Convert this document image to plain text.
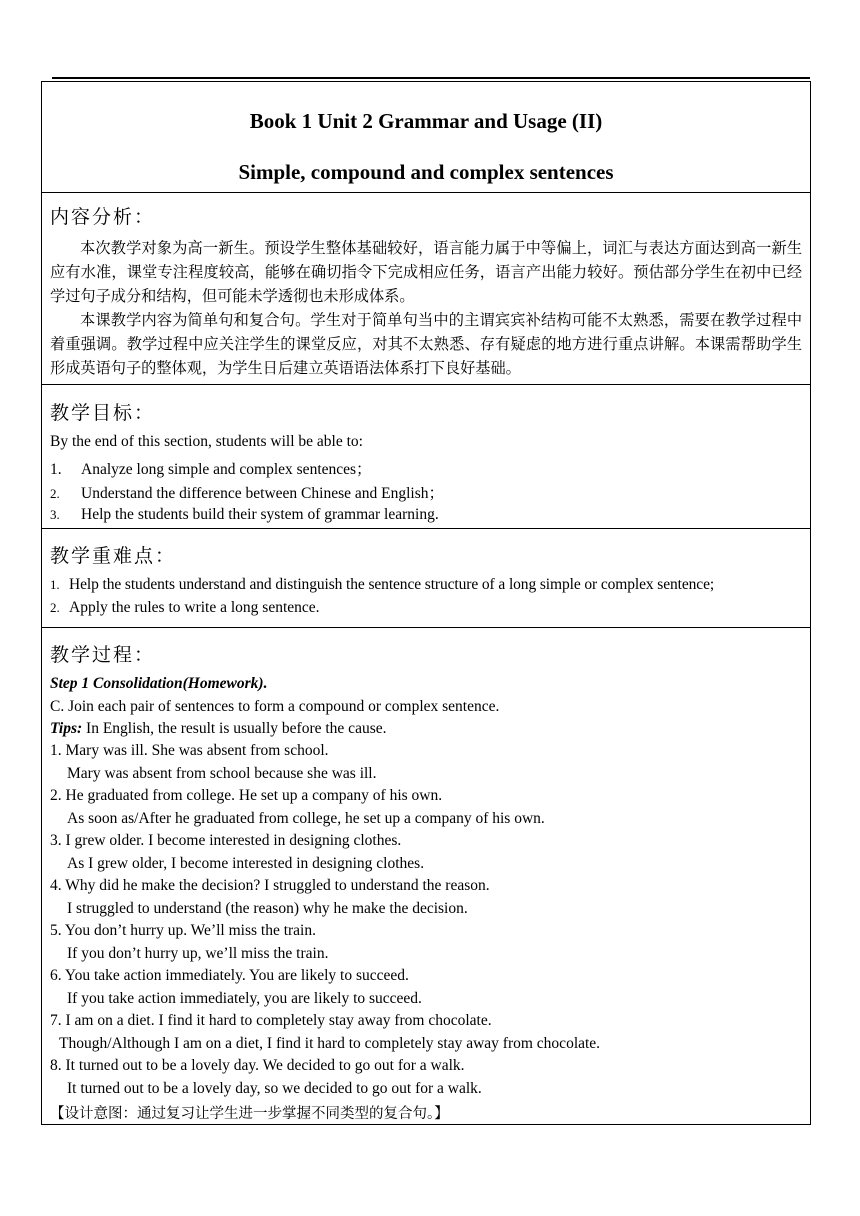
Book 1 Unit 2 Grammar and Usage (II)
Simple, compound and complex sentences
内容分析：

本次教学对象为高一新生。预设学生整体基础较好，语言能力属于中等偏上，词汇与表达方面达到高一新生应有水准，课堂专注程度较高，能够在确切指令下完成相应任务，语言产出能力较好。预估部分学生在初中已经学过句子成分和结构，但可能未学透彻也未形成体系。

本课教学内容为简单句和复合句。学生对于简单句当中的主谓宾宾补结构可能不太熟悉，需要在教学过程中着重强调。教学过程中应关注学生的课堂反应，对其不太熟悉、存有疑虑的地方进行重点讲解。本课需帮助学生形成英语句子的整体观，为学生日后建立英语语法体系打下良好基础。

教学目标：
By the end of this section, students will be able to:
1. Analyze long simple and complex sentences；
2. Understand the difference between Chinese and English；
3. Help the students build their system of grammar learning.
教学重难点：
1. Help the students understand and distinguish the sentence structure of a long simple or complex sentence;
2. Apply the rules to write a long sentence.
教学过程：
Step 1 Consolidation(Homework).
C. Join each pair of sentences to form a compound or complex sentence.
Tips: In English, the result is usually before the cause.
1. Mary was ill. She was absent from school.
Mary was absent from school because she was ill.
2. He graduated from college. He set up a company of his own.
As soon as/After he graduated from college, he set up a company of his own.
3. I grew older. I become interested in designing clothes.
As I grew older, I become interested in designing clothes.
4. Why did he make the decision? I struggled to understand the reason.
I struggled to understand (the reason) why he make the decision.
5. You don’t hurry up. We’ll miss the train.
If you don’t hurry up, we’ll miss the train.
6. You take action immediately. You are likely to succeed.
If you take action immediately, you are likely to succeed.
7. I am on a diet. I find it hard to completely stay away from chocolate.
Though/Although I am on a diet, I find it hard to completely stay away from chocolate.
8. It turned out to be a lovely day. We decided to go out for a walk.
It turned out to be a lovely day, so we decided to go out for a walk.
【设计意图：通过复习让学生进一步掌握不同类型的复合句。】
